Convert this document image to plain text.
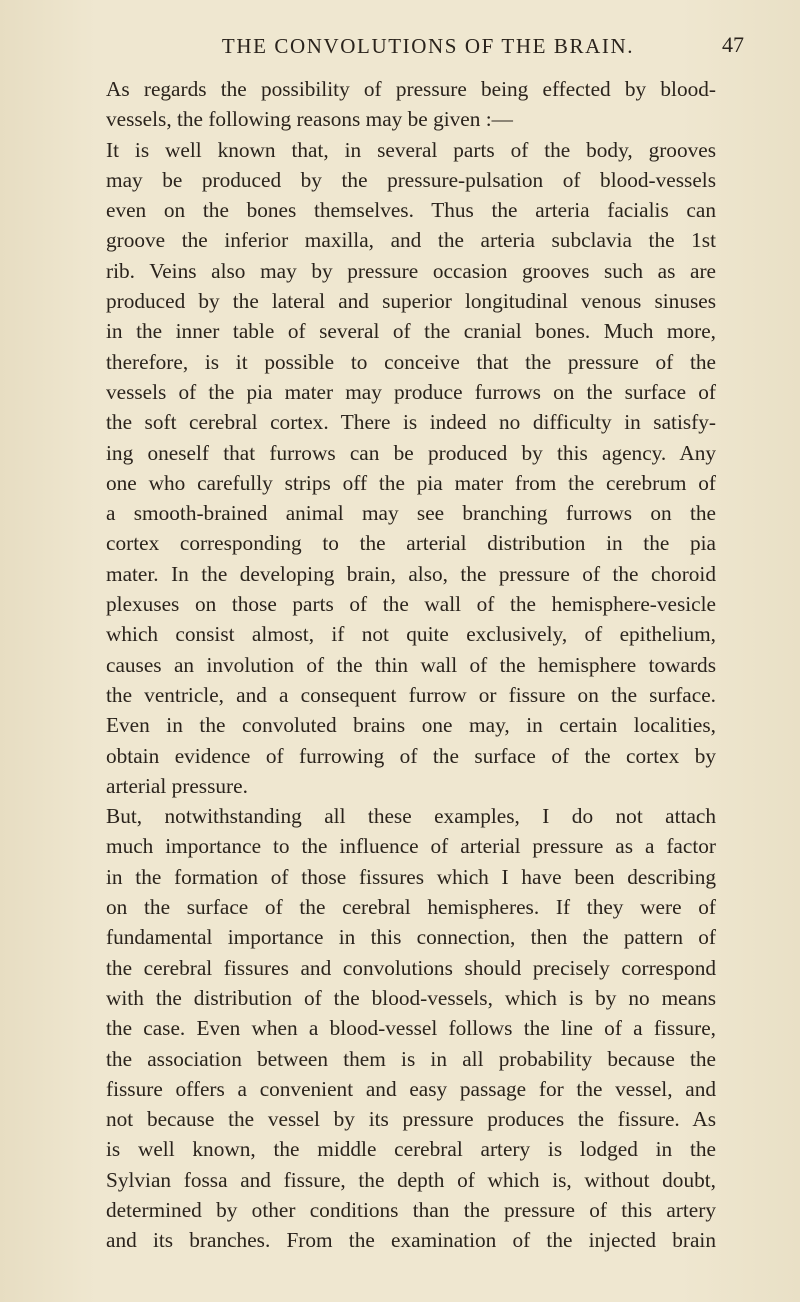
THE CONVOLUTIONS OF THE BRAIN.	47
As regards the possibility of pressure being effected by blood-
vessels, the following reasons may be given :—
It is well known that, in several parts of the body, grooves
may be produced by the pressure-pulsation of blood-vessels
even on the bones themselves. Thus the arteria facialis can
groove the inferior maxilla, and the arteria subclavia the 1st
rib. Veins also may by pressure occasion grooves such as are
produced by the lateral and superior longitudinal venous sinuses
in the inner table of several of the cranial bones. Much more,
therefore, is it possible to conceive that the pressure of the
vessels of the pia mater may produce furrows on the surface of
the soft cerebral cortex. There is indeed no difficulty in satisfy-
ing oneself that furrows can be produced by this agency. Any
one who carefully strips off the pia mater from the cerebrum of
a smooth-brained animal may see branching furrows on the
cortex corresponding to the arterial distribution in the pia
mater. In the developing brain, also, the pressure of the choroid
plexuses on those parts of the wall of the hemisphere-vesicle
which consist almost, if not quite exclusively, of epithelium,
causes an involution of the thin wall of the hemisphere towards
the ventricle, and a consequent furrow or fissure on the surface.
Even in the convoluted brains one may, in certain localities,
obtain evidence of furrowing of the surface of the cortex by
arterial pressure.
But, notwithstanding all these examples, I do not attach
much importance to the influence of arterial pressure as a factor
in the formation of those fissures which I have been describing
on the surface of the cerebral hemispheres. If they were of
fundamental importance in this connection, then the pattern of
the cerebral fissures and convolutions should precisely correspond
with the distribution of the blood-vessels, which is by no means
the case. Even when a blood-vessel follows the line of a fissure,
the association between them is in all probability because the
fissure offers a convenient and easy passage for the vessel, and
not because the vessel by its pressure produces the fissure. As
is well known, the middle cerebral artery is lodged in the
Sylvian fossa and fissure, the depth of which is, without doubt,
determined by other conditions than the pressure of this artery
and its branches. From the examination of the injected brain
